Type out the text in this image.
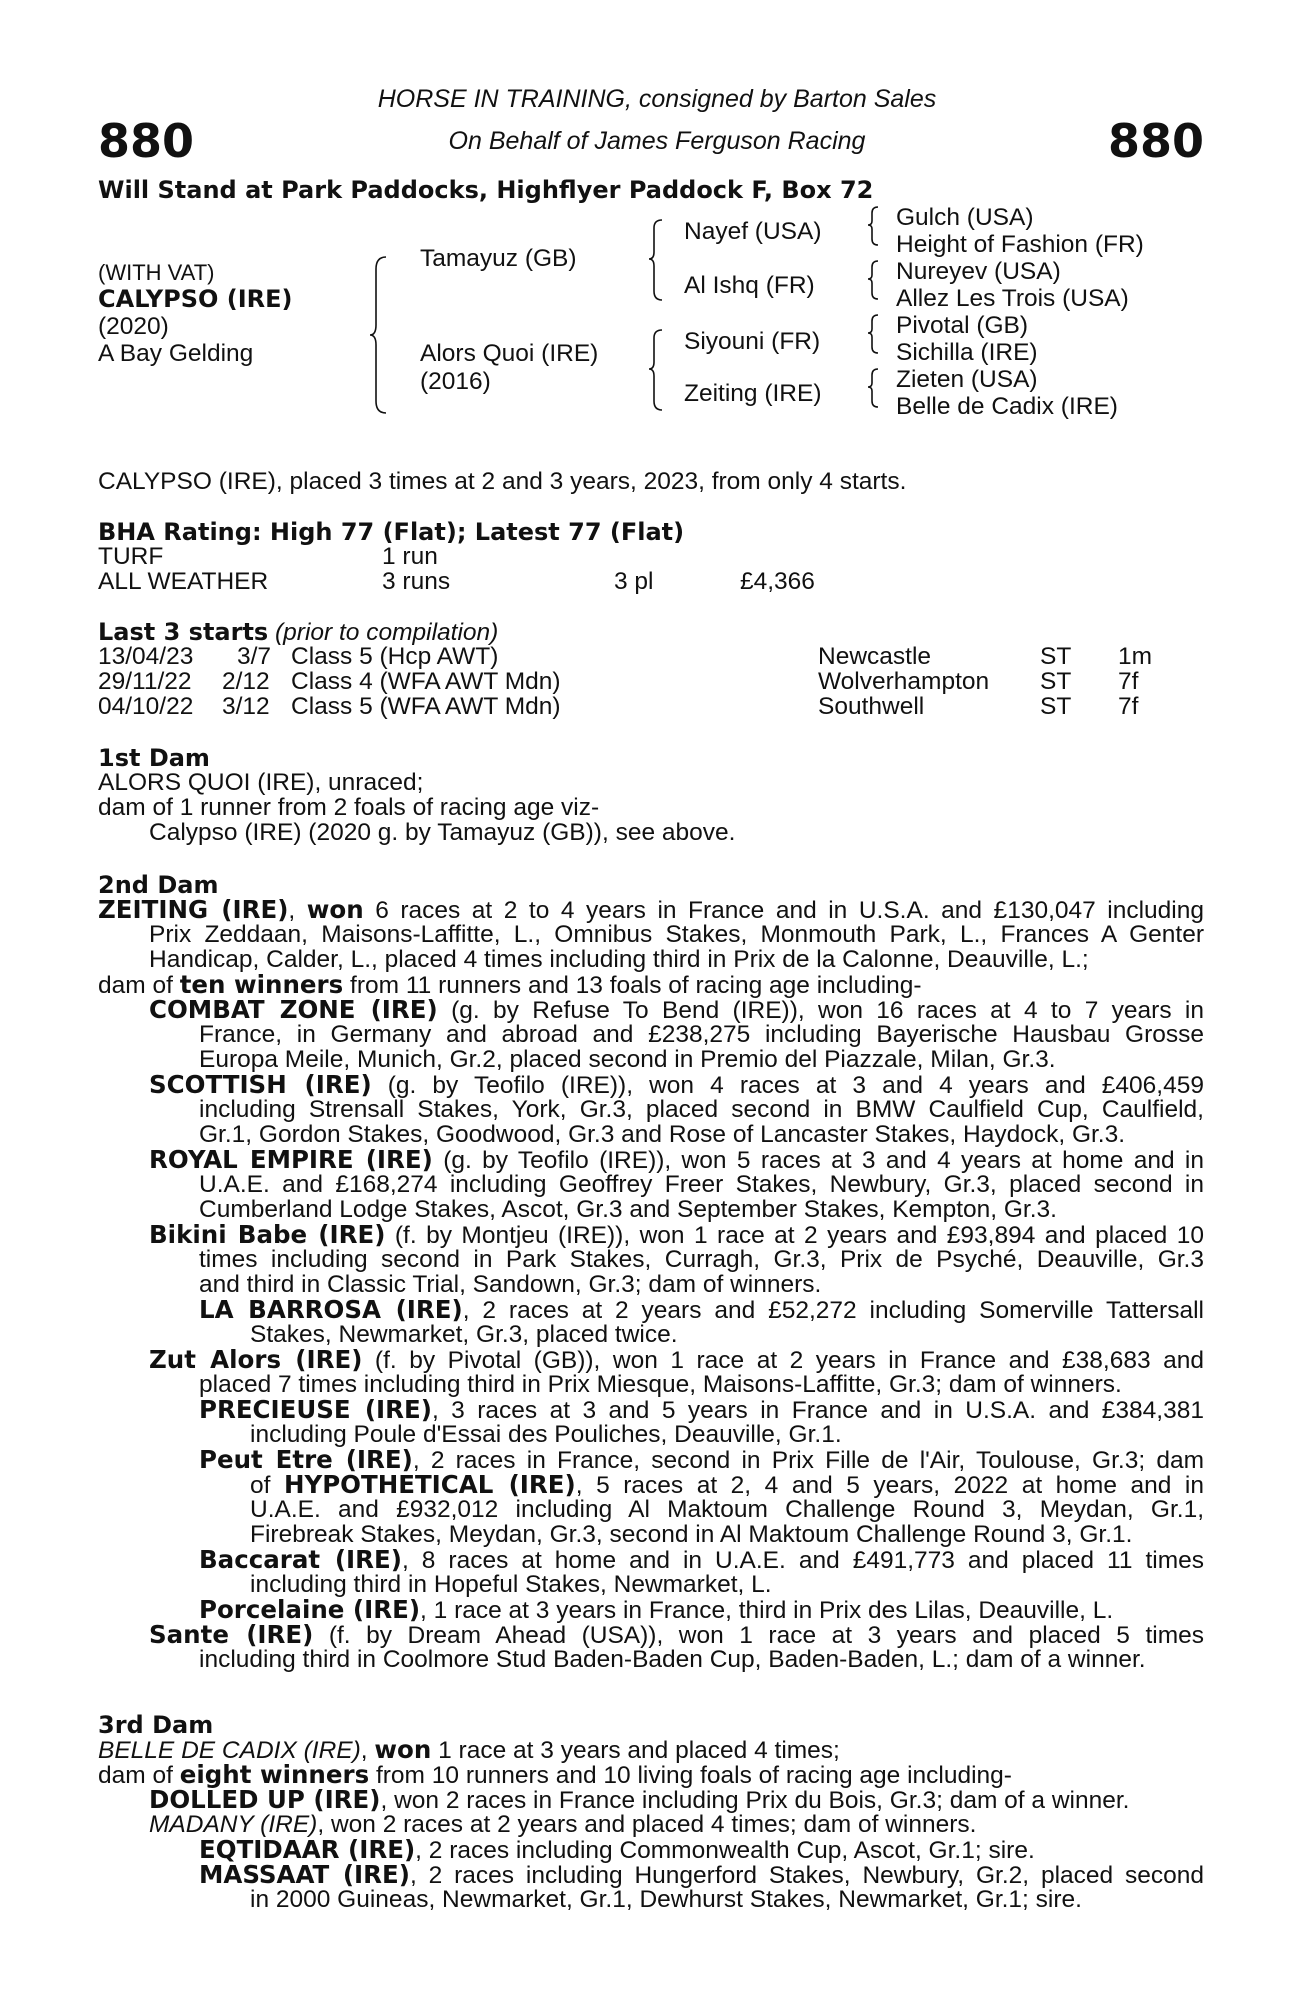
880	880
HORSE IN TRAINING, consigned by Barton Sales
On Behalf of James Ferguson Racing
Will Stand at Park Paddocks, Highflyer Paddock F, Box 72
(WITH VAT)
CALYPSO (IRE)
(2020)
A Bay Gelding
Tamayuz (GB)
Alors Quoi (IRE)
(2016)
Nayef (USA)
Al Ishq (FR)
Siyouni (FR)
Zeiting (IRE)
Gulch (USA)
Height of Fashion (FR)
Nureyev (USA)
Allez Les Trois (USA)
Pivotal (GB)
Sichilla (IRE)
Zieten (USA)
Belle de Cadix (IRE)
CALYPSO (IRE), placed 3 times at 2 and 3 years, 2023, from only 4 starts.
BHA Rating: High 77 (Flat); Latest 77 (Flat)
TURF	1 run
ALL WEATHER	3 runs	3 pl	£4,366
Last 3 starts (prior to compilation)
13/04/23 3/7 Class 5 (Hcp AWT)	Newcastle	ST 1m
29/11/22 2/12 Class 4 (WFA AWT Mdn)	Wolverhampton ST 7f
04/10/22 3/12 Class 5 (WFA AWT Mdn)	Southwell	ST 7f
1st Dam
ALORS QUOI (IRE), unraced;
dam of 1 runner from 2 foals of racing age viz-
Calypso (IRE) (2020 g. by Tamayuz (GB)), see above.
2nd Dam
ZEITING (IRE), won 6 races at 2 to 4 years in France and in U.S.A. and £130,047 including
Prix Zeddaan, Maisons-Laffitte, L., Omnibus Stakes, Monmouth Park, L., Frances A Genter
Handicap, Calder, L., placed 4 times including third in Prix de la Calonne, Deauville, L.;
dam of ten winners from 11 runners and 13 foals of racing age including-
COMBAT ZONE (IRE) (g. by Refuse To Bend (IRE)), won 16 races at 4 to 7 years in
France, in Germany and abroad and £238,275 including Bayerische Hausbau Grosse
Europa Meile, Munich, Gr.2, placed second in Premio del Piazzale, Milan, Gr.3.
SCOTTISH (IRE) (g. by Teofilo (IRE)), won 4 races at 3 and 4 years and £406,459
including Strensall Stakes, York, Gr.3, placed second in BMW Caulfield Cup, Caulfield,
Gr.1, Gordon Stakes, Goodwood, Gr.3 and Rose of Lancaster Stakes, Haydock, Gr.3.
ROYAL EMPIRE (IRE) (g. by Teofilo (IRE)), won 5 races at 3 and 4 years at home and in
U.A.E. and £168,274 including Geoffrey Freer Stakes, Newbury, Gr.3, placed second in
Cumberland Lodge Stakes, Ascot, Gr.3 and September Stakes, Kempton, Gr.3.
Bikini Babe (IRE) (f. by Montjeu (IRE)), won 1 race at 2 years and £93,894 and placed 10
times including second in Park Stakes, Curragh, Gr.3, Prix de Psyché, Deauville, Gr.3
and third in Classic Trial, Sandown, Gr.3; dam of winners.
LA BARROSA (IRE), 2 races at 2 years and £52,272 including Somerville Tattersall
Stakes, Newmarket, Gr.3, placed twice.
Zut Alors (IRE) (f. by Pivotal (GB)), won 1 race at 2 years in France and £38,683 and
placed 7 times including third in Prix Miesque, Maisons-Laffitte, Gr.3; dam of winners.
PRECIEUSE (IRE), 3 races at 3 and 5 years in France and in U.S.A. and £384,381
including Poule d'Essai des Pouliches, Deauville, Gr.1.
Peut Etre (IRE), 2 races in France, second in Prix Fille de l'Air, Toulouse, Gr.3; dam
of HYPOTHETICAL (IRE), 5 races at 2, 4 and 5 years, 2022 at home and in
U.A.E. and £932,012 including Al Maktoum Challenge Round 3, Meydan, Gr.1,
Firebreak Stakes, Meydan, Gr.3, second in Al Maktoum Challenge Round 3, Gr.1.
Baccarat (IRE), 8 races at home and in U.A.E. and £491,773 and placed 11 times
including third in Hopeful Stakes, Newmarket, L.
Porcelaine (IRE), 1 race at 3 years in France, third in Prix des Lilas, Deauville, L.
Sante (IRE) (f. by Dream Ahead (USA)), won 1 race at 3 years and placed 5 times
including third in Coolmore Stud Baden-Baden Cup, Baden-Baden, L.; dam of a winner.
3rd Dam
BELLE DE CADIX (IRE), won 1 race at 3 years and placed 4 times;
dam of eight winners from 10 runners and 10 living foals of racing age including-
DOLLED UP (IRE), won 2 races in France including Prix du Bois, Gr.3; dam of a winner.
MADANY (IRE), won 2 races at 2 years and placed 4 times; dam of winners.
EQTIDAAR (IRE), 2 races including Commonwealth Cup, Ascot, Gr.1; sire.
MASSAAT (IRE), 2 races including Hungerford Stakes, Newbury, Gr.2, placed second
in 2000 Guineas, Newmarket, Gr.1, Dewhurst Stakes, Newmarket, Gr.1; sire.
